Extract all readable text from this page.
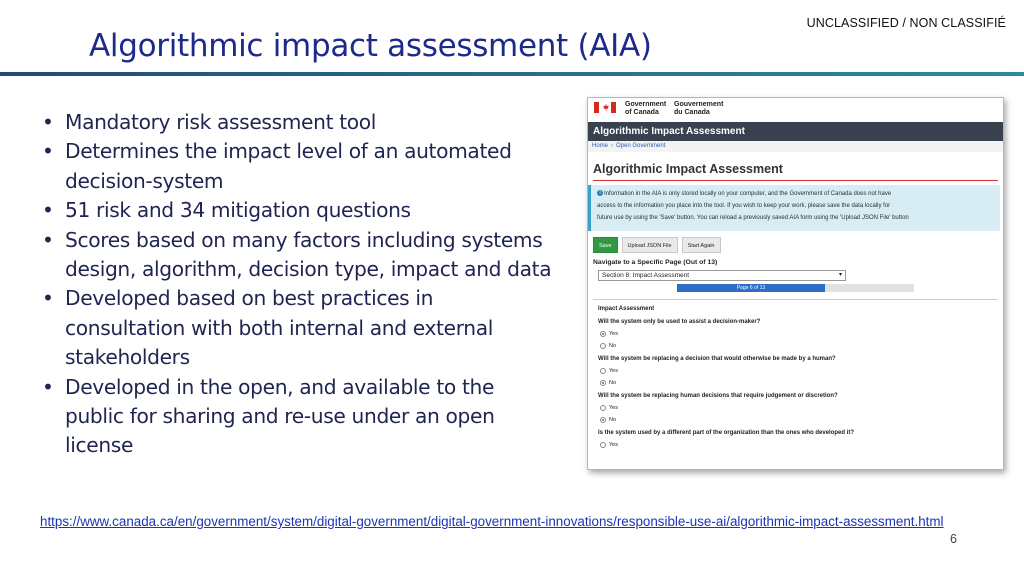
UNCLASSIFIED / NON CLASSIFIÉ
Algorithmic impact assessment (AIA)
• Mandatory risk assessment tool
• Determines the impact level of an automated decision-system
• 51 risk and 34 mitigation questions
• Scores based on many factors including systems design, algorithm, decision type, impact and data
• Developed based on best practices in consultation with both internal and external stakeholders
• Developed in the open, and available to the public for sharing and re-use under an open license
Government
of Canada
Gouvernement
du Canada
Algorithmic Impact Assessment
Home › Open Government
Algorithmic Impact Assessment
i Information in the AIA is only stored locally on your computer, and the Government of Canada does not have
access to the information you place into the tool. If you wish to keep your work, please save the data locally for
future use by using the 'Save' button. You can reload a previously saved AIA form using the 'Upload JSON File' button
Save	Upload JSON File	Start Again
Navigate to a Specific Page (Out of 13)
Section 8: Impact Assessment	▾
Page 6 of 13
Impact Assessment
Will the system only be used to assist a decision-maker?
Yes
No
Will the system be replacing a decision that would otherwise be made by a human?
Yes
No
Will the system be replacing human decisions that require judgement or discretion?
Yes
No
Is the system used by a different part of the organization than the ones who developed it?
Yes
https://www.canada.ca/en/government/system/digital-government/digital-government-innovations/responsible-use-ai/algorithmic-impact-assessment.html
6
